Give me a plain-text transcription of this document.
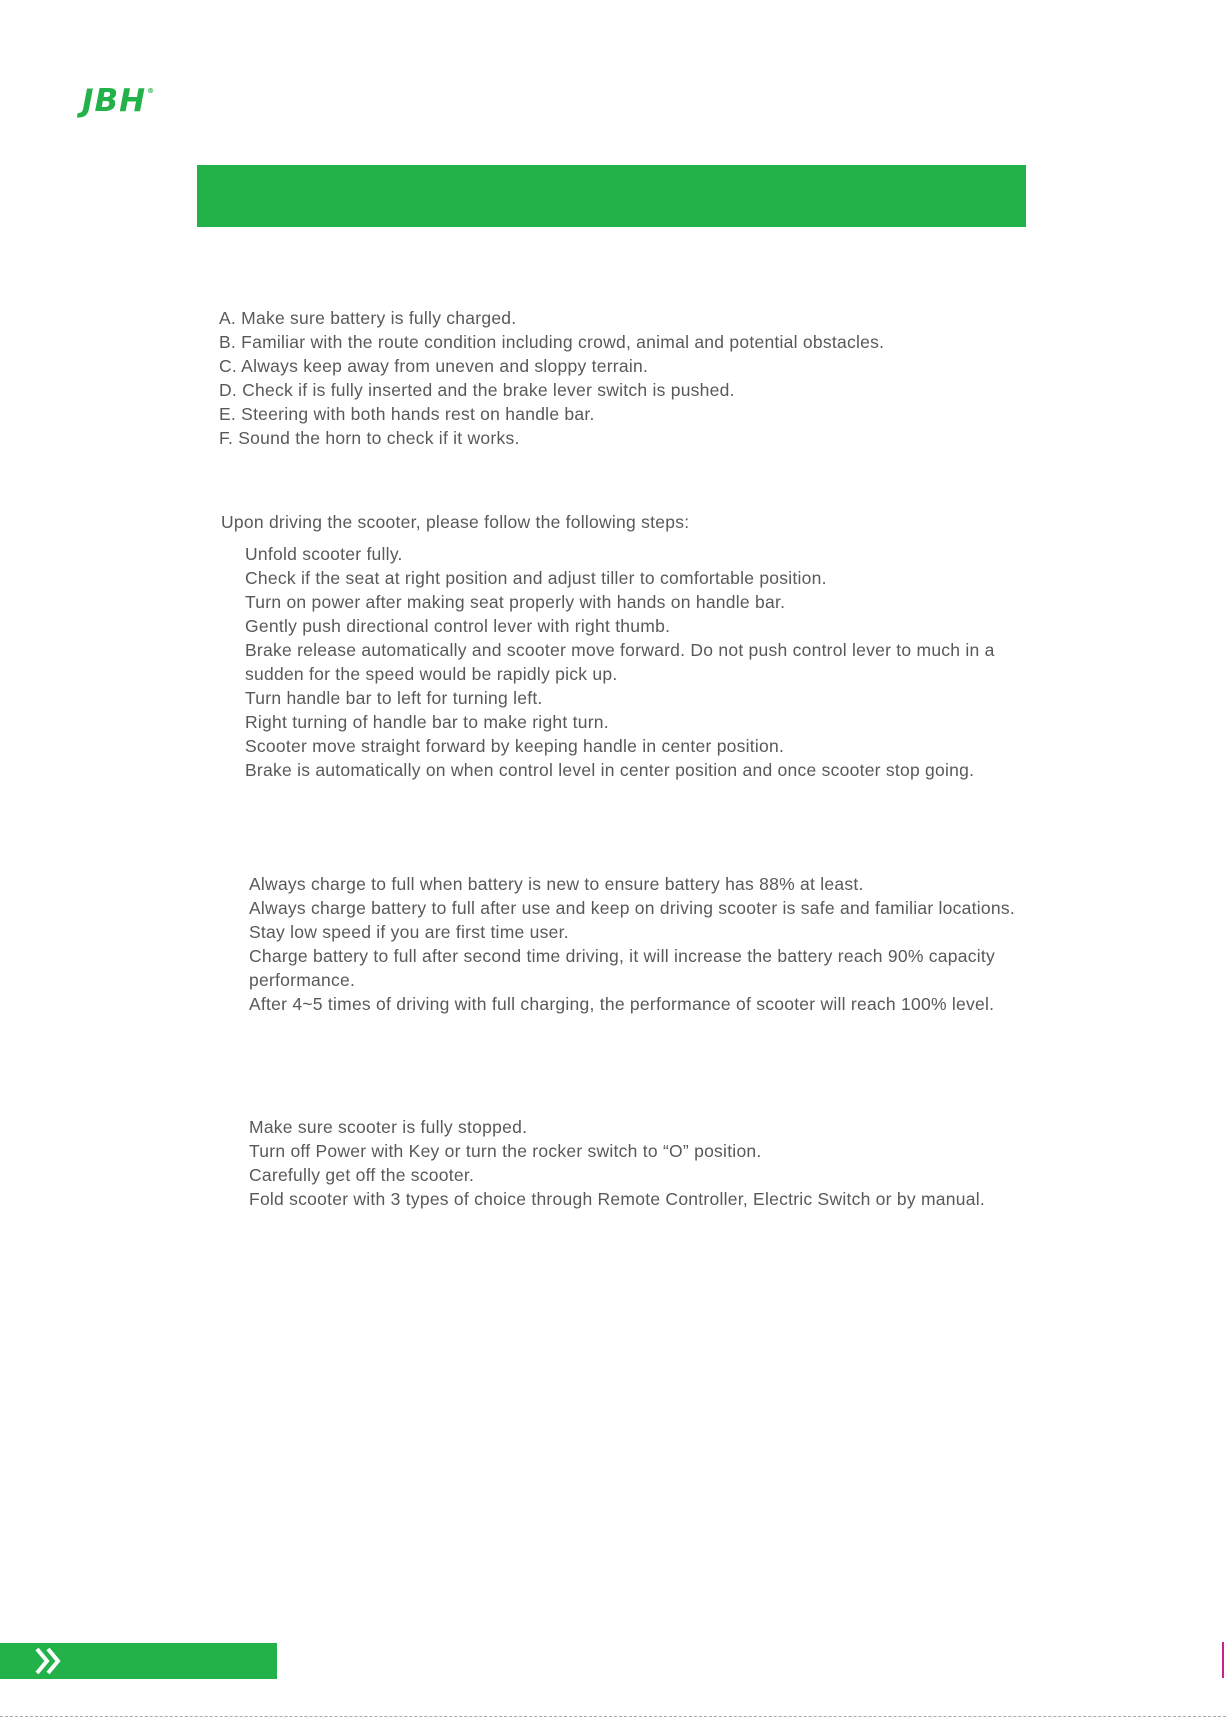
JBH®

A. Make sure battery is fully charged.

B. Familiar with the route condition including crowd, animal and potential obstacles.

C. Always keep away from uneven and sloppy terrain.

D. Check if is fully inserted and the brake lever switch is pushed.

E. Steering with both hands rest on handle bar.

F. Sound the horn to check if it works.

Upon driving the scooter, please follow the following steps:

Unfold scooter fully.

Check if the seat at right position and adjust tiller to comfortable position.

Turn on power after making seat properly with hands on handle bar.

Gently push directional control lever with right thumb.

Brake release automatically and scooter move forward. Do not push control lever to much in a sudden for the speed would be rapidly pick up.

Turn handle bar to left for turning left.

Right turning of handle bar to make right turn.

Scooter move straight forward by keeping handle in center position.

Brake is automatically on when control level in center position and once scooter stop going.

Always charge to full when battery is new to ensure battery has 88% at least.

Always charge battery to full after use and keep on driving scooter is safe and familiar locations. Stay low speed if you are first time user.

Charge battery to full after second time driving, it will increase the battery reach 90% capacity performance.

After 4~5 times of driving with full charging, the performance of scooter will reach 100% level.

Make sure scooter is fully stopped.

Turn off Power with Key or turn the rocker switch to “O” position.

Carefully get off the scooter.

Fold scooter with 3 types of choice through Remote Controller, Electric Switch or by manual.
